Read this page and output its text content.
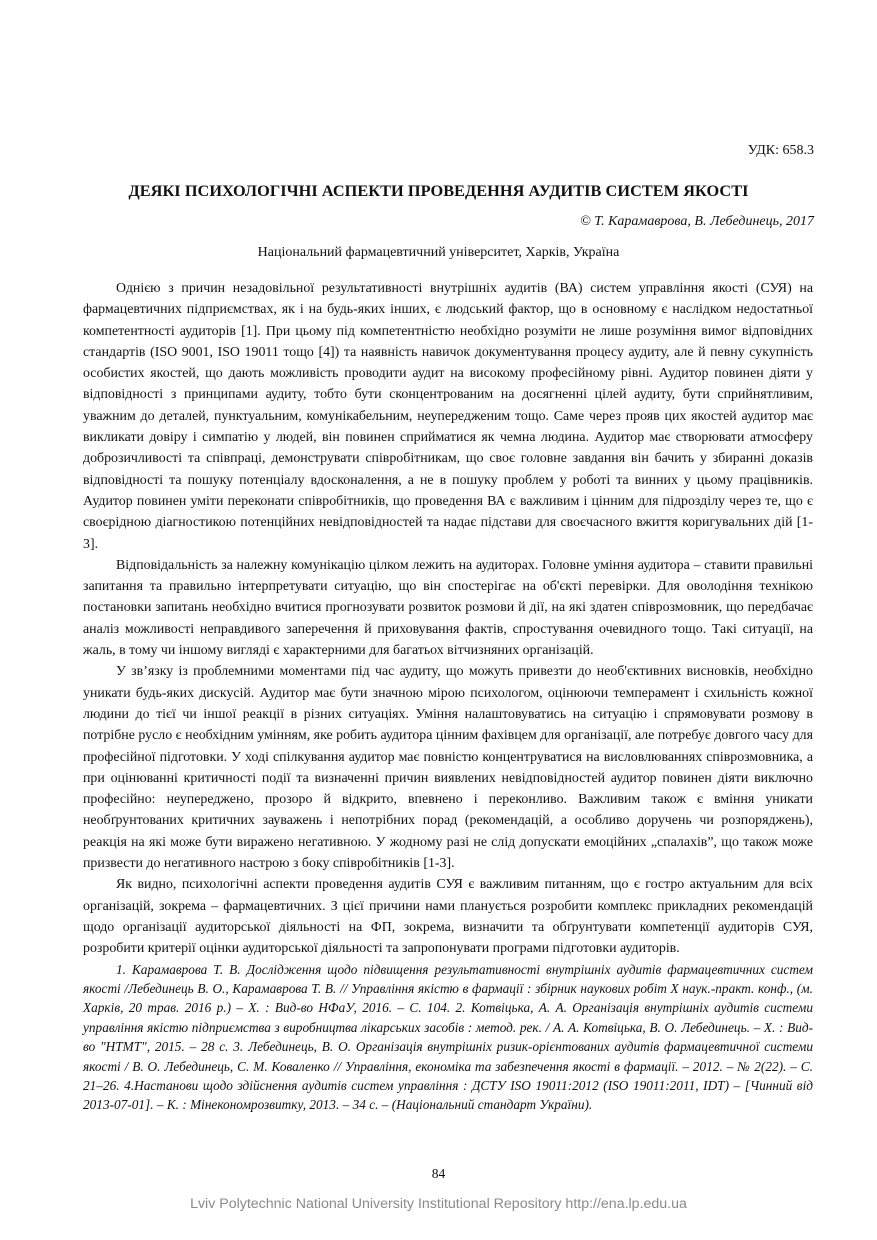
УДК: 658.3
ДЕЯКІ ПСИХОЛОГІЧНІ АСПЕКТИ ПРОВЕДЕННЯ АУДИТІВ СИСТЕМ ЯКОСТІ
© Т. Карамаврова, В. Лебединець, 2017
Національний фармацевтичний університет, Харків, Україна

Однією з причин незадовільної результативності внутрішніх аудитів (ВА) систем управління якості (СУЯ) на фармацевтичних підприємствах, як і на будь-яких інших, є людський фактор, що в основному є наслідком недостатньої компетентності аудиторів [1]. При цьому під компетентністю необхідно розуміти не лише розуміння вимог відповідних стандартів (ISO 9001, ISO 19011 тощо [4]) та наявність навичок документування процесу аудиту, але й певну сукупність особистих якостей, що дають можливість проводити аудит на високому професійному рівні. Аудитор повинен діяти у відповідності з принципами аудиту, тобто бути сконцентрованим на досягненні цілей аудиту, бути сприйнятливим, уважним до деталей, пунктуальним, комунікабельним, неупередженим тощо. Саме через прояв цих якостей аудитор має викликати довіру і симпатію у людей, він повинен сприйматися як чемна людина. Аудитор має створювати атмосферу доброзичливості та співпраці, демонструвати співробітникам, що своє головне завдання він бачить у збиранні доказів відповідності та пошуку потенціалу вдосконалення, а не в пошуку проблем у роботі та винних у цьому працівників. Аудитор повинен уміти переконати співробітників, що проведення ВА є важливим і цінним для підрозділу через те, що є своєрідною діагностикою потенційних невідповідностей та надає підстави для своєчасного вжиття коригувальних дій [1-3].

Відповідальність за належну комунікацію цілком лежить на аудиторах. Головне уміння аудитора – ставити правильні запитання та правильно інтерпретувати ситуацію, що він спостерігає на об'єкті перевірки. Для оволодіння технікою постановки запитань необхідно вчитися прогнозувати розвиток розмови й дії, на які здатен співрозмовник, що передбачає аналіз можливості неправдивого заперечення й приховування фактів, спростування очевидного тощо. Такі ситуації, на жаль, в тому чи іншому вигляді є характерними для багатьох вітчизняних організацій.

У зв’язку із проблемними моментами під час аудиту, що можуть привезти до необ'єктивних висновків, необхідно уникати будь-яких дискусій. Аудитор має бути значною мірою психологом, оцінюючи темперамент і схильність кожної людини до тієї чи іншої реакції в різних ситуаціях. Уміння налаштовуватись на ситуацію і спрямовувати розмову в потрібне русло є необхідним умінням, яке робить аудитора цінним фахівцем для організації, але потребує довгого часу для професійної підготовки. У ході спілкування аудитор має повністю концентруватися на висловлюваннях співрозмовника, а при оцінюванні критичності події та визначенні причин виявлених невідповідностей аудитор повинен діяти виключно професійно: неупереджено, прозоро й відкрито, впевнено і переконливо. Важливим також є вміння уникати необґрунтованих критичних зауважень і непотрібних порад (рекомендацій, а особливо доручень чи розпоряджень), реакція на які може бути виражено негативною. У жодному разі не слід допускати емоційних „спалахів”, що також може призвести до негативного настрою з боку співробітників [1-3].

Як видно, психологічні аспекти проведення аудитів СУЯ є важливим питанням, що є гостро актуальним для всіх організацій, зокрема – фармацевтичних. З цієї причини нами планується розробити комплекс прикладних рекомендацій щодо організації аудиторської діяльності на ФП, зокрема, визначити та обґрунтувати компетенції аудиторів СУЯ, розробити критерії оцінки аудиторської діяльності та запропонувати програми підготовки аудиторів.

1. Карамаврова Т. В. Дослідження щодо підвищення результативності внутрішніх аудитів фармацевтичних систем якості /Лебединець В. О., Карамаврова Т. В. // Управління якістю в фармації : збірник наукових робіт X наук.-практ. конф., (м. Харків, 20 трав. 2016 р.) – Х. : Вид-во НФаУ, 2016. – С. 104. 2. Котвіцька, А. А. Організація внутрішніх аудитів системи управління якістю підприємства з виробництва лікарських засобів : метод. рек. / А. А. Котвіцька, В. О. Лебединець. – Х. : Вид-во "НТМТ", 2015. – 28 с. 3. Лебединець, В. О. Організація внутрішніх ризик-орієнтованих аудитів фармацевтичної системи якості / В. О. Лебединець, С. М. Коваленко // Управління, економіка та забезпечення якості в фармації. – 2012. – № 2(22). – С. 21–26. 4.Настанови щодо здійснення аудитів систем управління : ДСТУ ISO 19011:2012 (ISO 19011:2011, IDT) – [Чинний від 2013-07-01]. – К. : Мінекономрозвитку, 2013. – 34 с. – (Національний стандарт України).

84
Lviv Polytechnic National University Institutional Repository http://ena.lp.edu.ua
